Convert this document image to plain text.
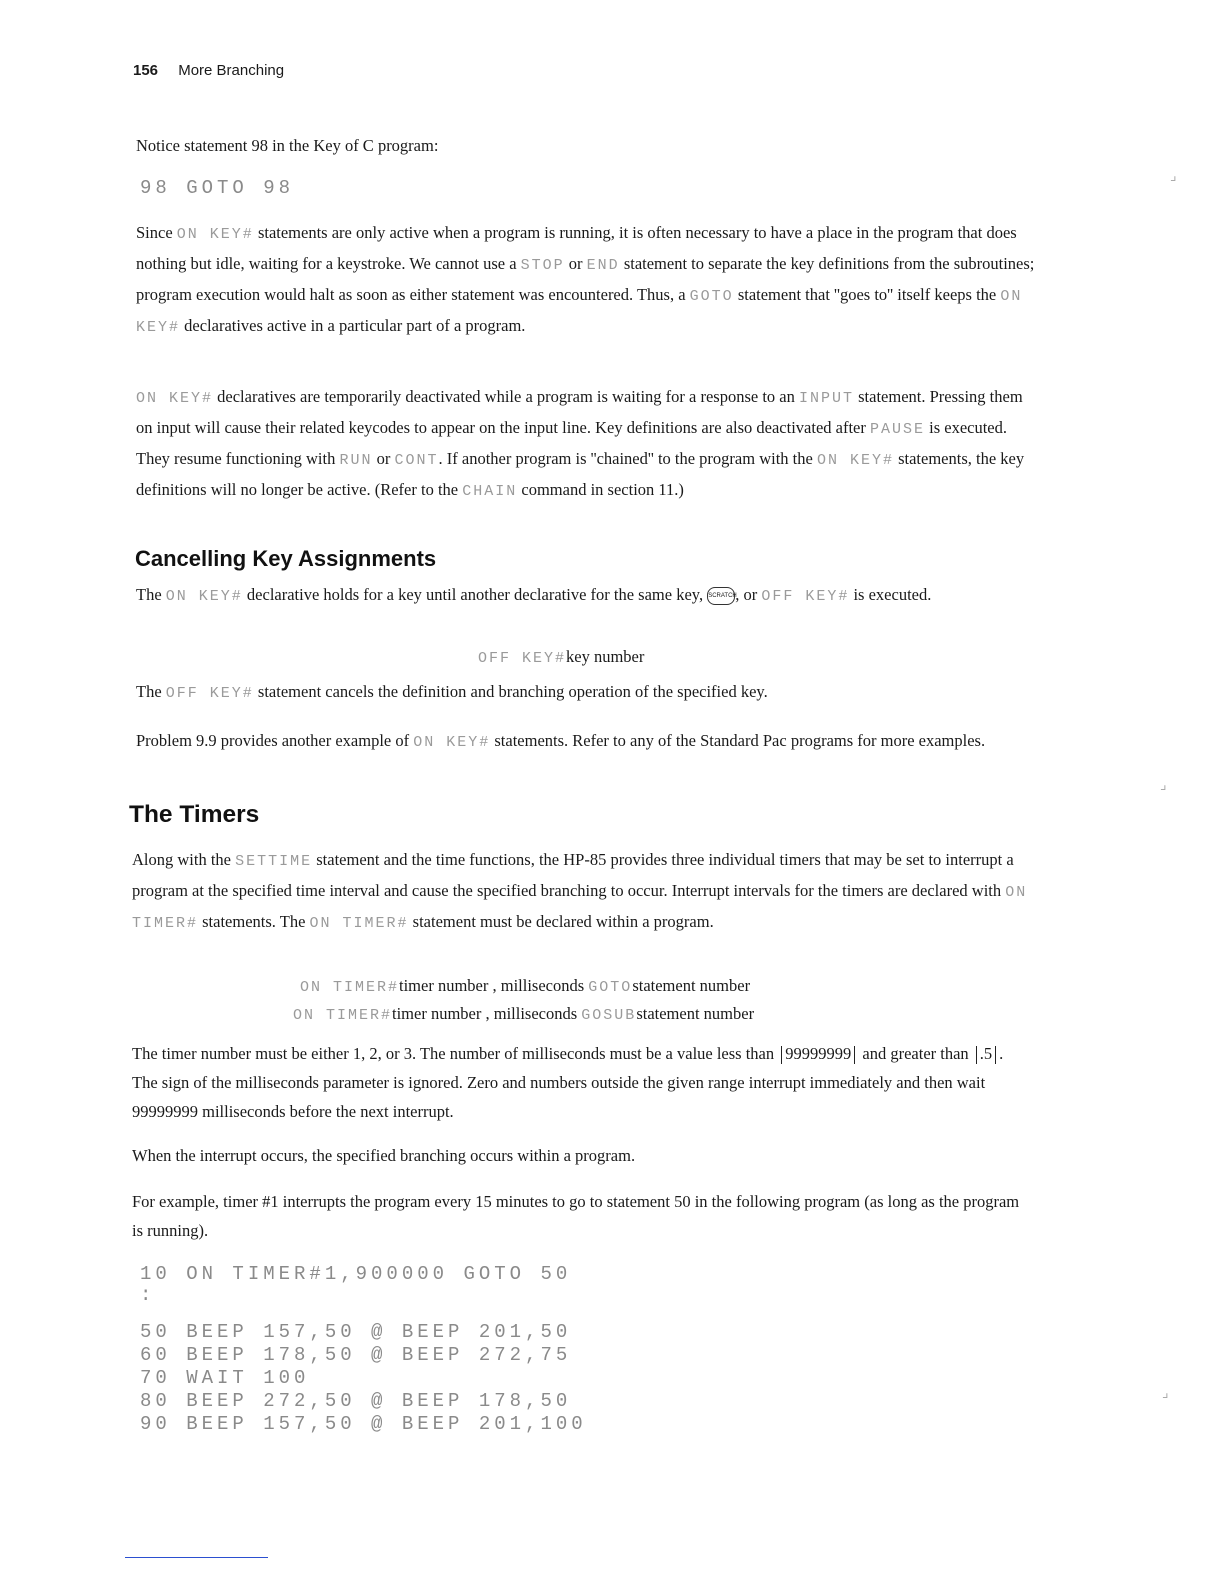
156 More Branching
Notice statement 98 in the Key of C program:
98 GOTO 98
Since ON KEY# statements are only active when a program is running, it is often necessary to have a place in the program that does nothing but idle, waiting for a keystroke. We cannot use a STOP or END statement to separate the key definitions from the subroutines; program execution would halt as soon as either statement was encountered. Thus, a GOTO statement that ''goes to'' itself keeps the ON KEY# declaratives active in a particular part of a program.
ON KEY# declaratives are temporarily deactivated while a program is waiting for a response to an INPUT statement. Pressing them on input will cause their related keycodes to appear on the input line. Key definitions are also deactivated after PAUSE is executed. They resume functioning with RUN or CONT. If another program is ''chained'' to the program with the ON KEY# statements, the key definitions will no longer be active. (Refer to the CHAIN command in section 11.)
Cancelling Key Assignments
The ON KEY# declarative holds for a key until another declarative for the same key, SCRATCH, or OFF KEY# is executed.
OFF KEY#key number
The OFF KEY# statement cancels the definition and branching operation of the specified key.
Problem 9.9 provides another example of ON KEY# statements. Refer to any of the Standard Pac programs for more examples.
The Timers
Along with the SETTIME statement and the time functions, the HP-85 provides three individual timers that may be set to interrupt a program at the specified time interval and cause the specified branching to occur. Interrupt intervals for the timers are declared with ON TIMER# statements. The ON TIMER# statement must be declared within a program.
ON TIMER#timer number , milliseconds GOTOstatement number
ON TIMER#timer number , milliseconds GOSUBstatement number
The timer number must be either 1, 2, or 3. The number of milliseconds must be a value less than 99999999 and greater than .5 . The sign of the milliseconds parameter is ignored. Zero and numbers outside the given range interrupt immediately and then wait 99999999 milliseconds before the next interrupt.
When the interrupt occurs, the specified branching occurs within a program.
For example, timer #1 interrupts the program every 15 minutes to go to statement 50 in the following program (as long as the program is running).
10 ON TIMER#1,900000 GOTO 50
:
50 BEEP 157,50 @ BEEP 201,50
60 BEEP 178,50 @ BEEP 272,75
70 WAIT 100
80 BEEP 272,50 @ BEEP 178,50
90 BEEP 157,50 @ BEEP 201,100
⌟
⌟
⌟
